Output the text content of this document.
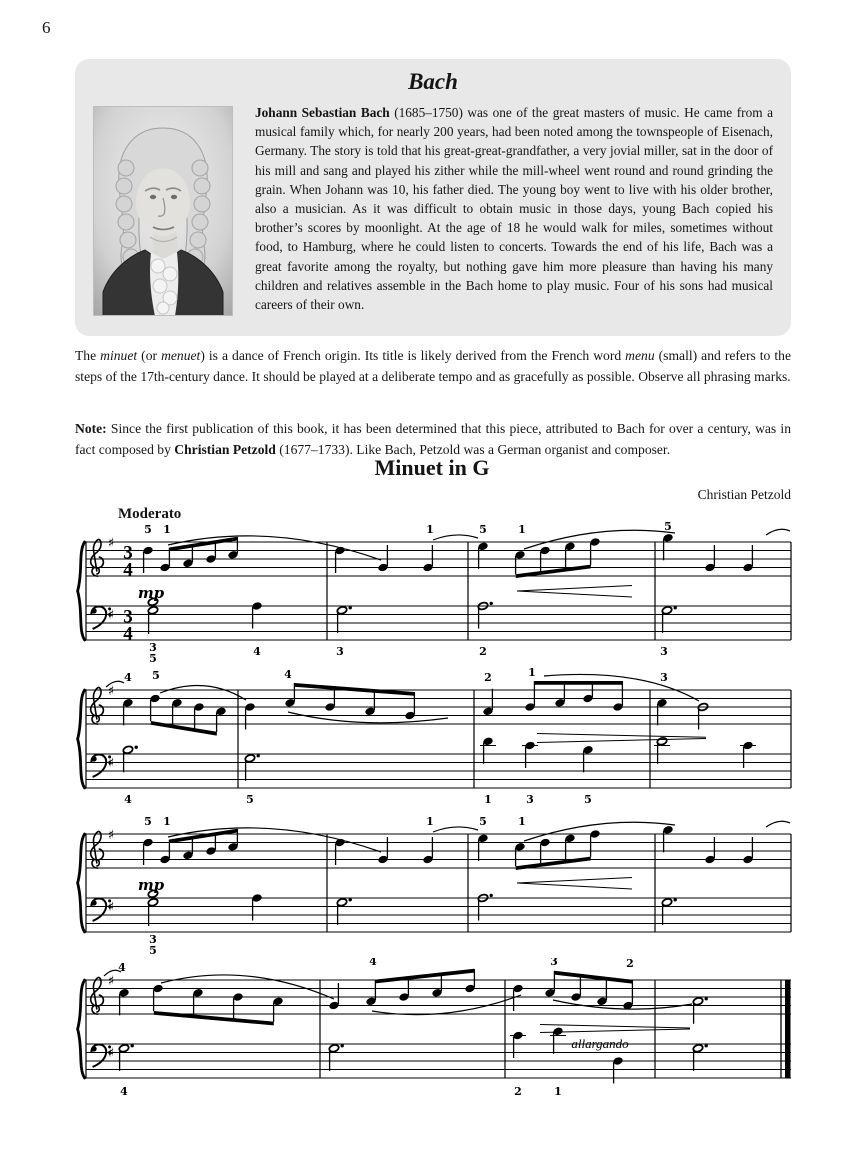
6
Bach

Johann Sebastian Bach (1685–1750) was one of the great masters of music. He came from a musical family which, for nearly 200 years, had been noted among the townspeople of Eisenach, Germany. The story is told that his great-great-grandfather, a very jovial miller, sat in the door of his mill and sang and played his zither while the mill-wheel went round and round grinding the grain. When Johann was 10, his father died. The young boy went to live with his older brother, also a musician. As it was difficult to obtain music in those days, young Bach copied his brother’s scores by moonlight. At the age of 18 he would walk for miles, sometimes without food, to Hamburg, where he could listen to concerts. Towards the end of his life, Bach was a great favorite among the royalty, but nothing gave him more pleasure than having his many children and relatives assemble in the Bach home to play music. Four of his sons had musical careers of their own.

The minuet (or menuet) is a dance of French origin. Its title is likely derived from the French word menu (small) and refers to the steps of the 17th-century dance. It should be played at a deliberate tempo and as gracefully as possible. Observe all phrasing marks.

Note: Since the first publication of this book, it has been determined that this piece, attributed to Bach for over a century, was in fact composed by Christian Petzold (1677–1733). Like Bach, Petzold was a German organist and composer.

Minuet in G
Christian Petzold
Moderato
♯
♯
3
4
3
4
5 1	1	5	1	5
mp
3
5
4	3	2	3
♯
♯
4 5	4	2	1	3
4	5	1	3	5
♯
♯
5 1	1	5	1
mp
3
5
♯
♯
4	4	3	2
allargando
4	2	1
